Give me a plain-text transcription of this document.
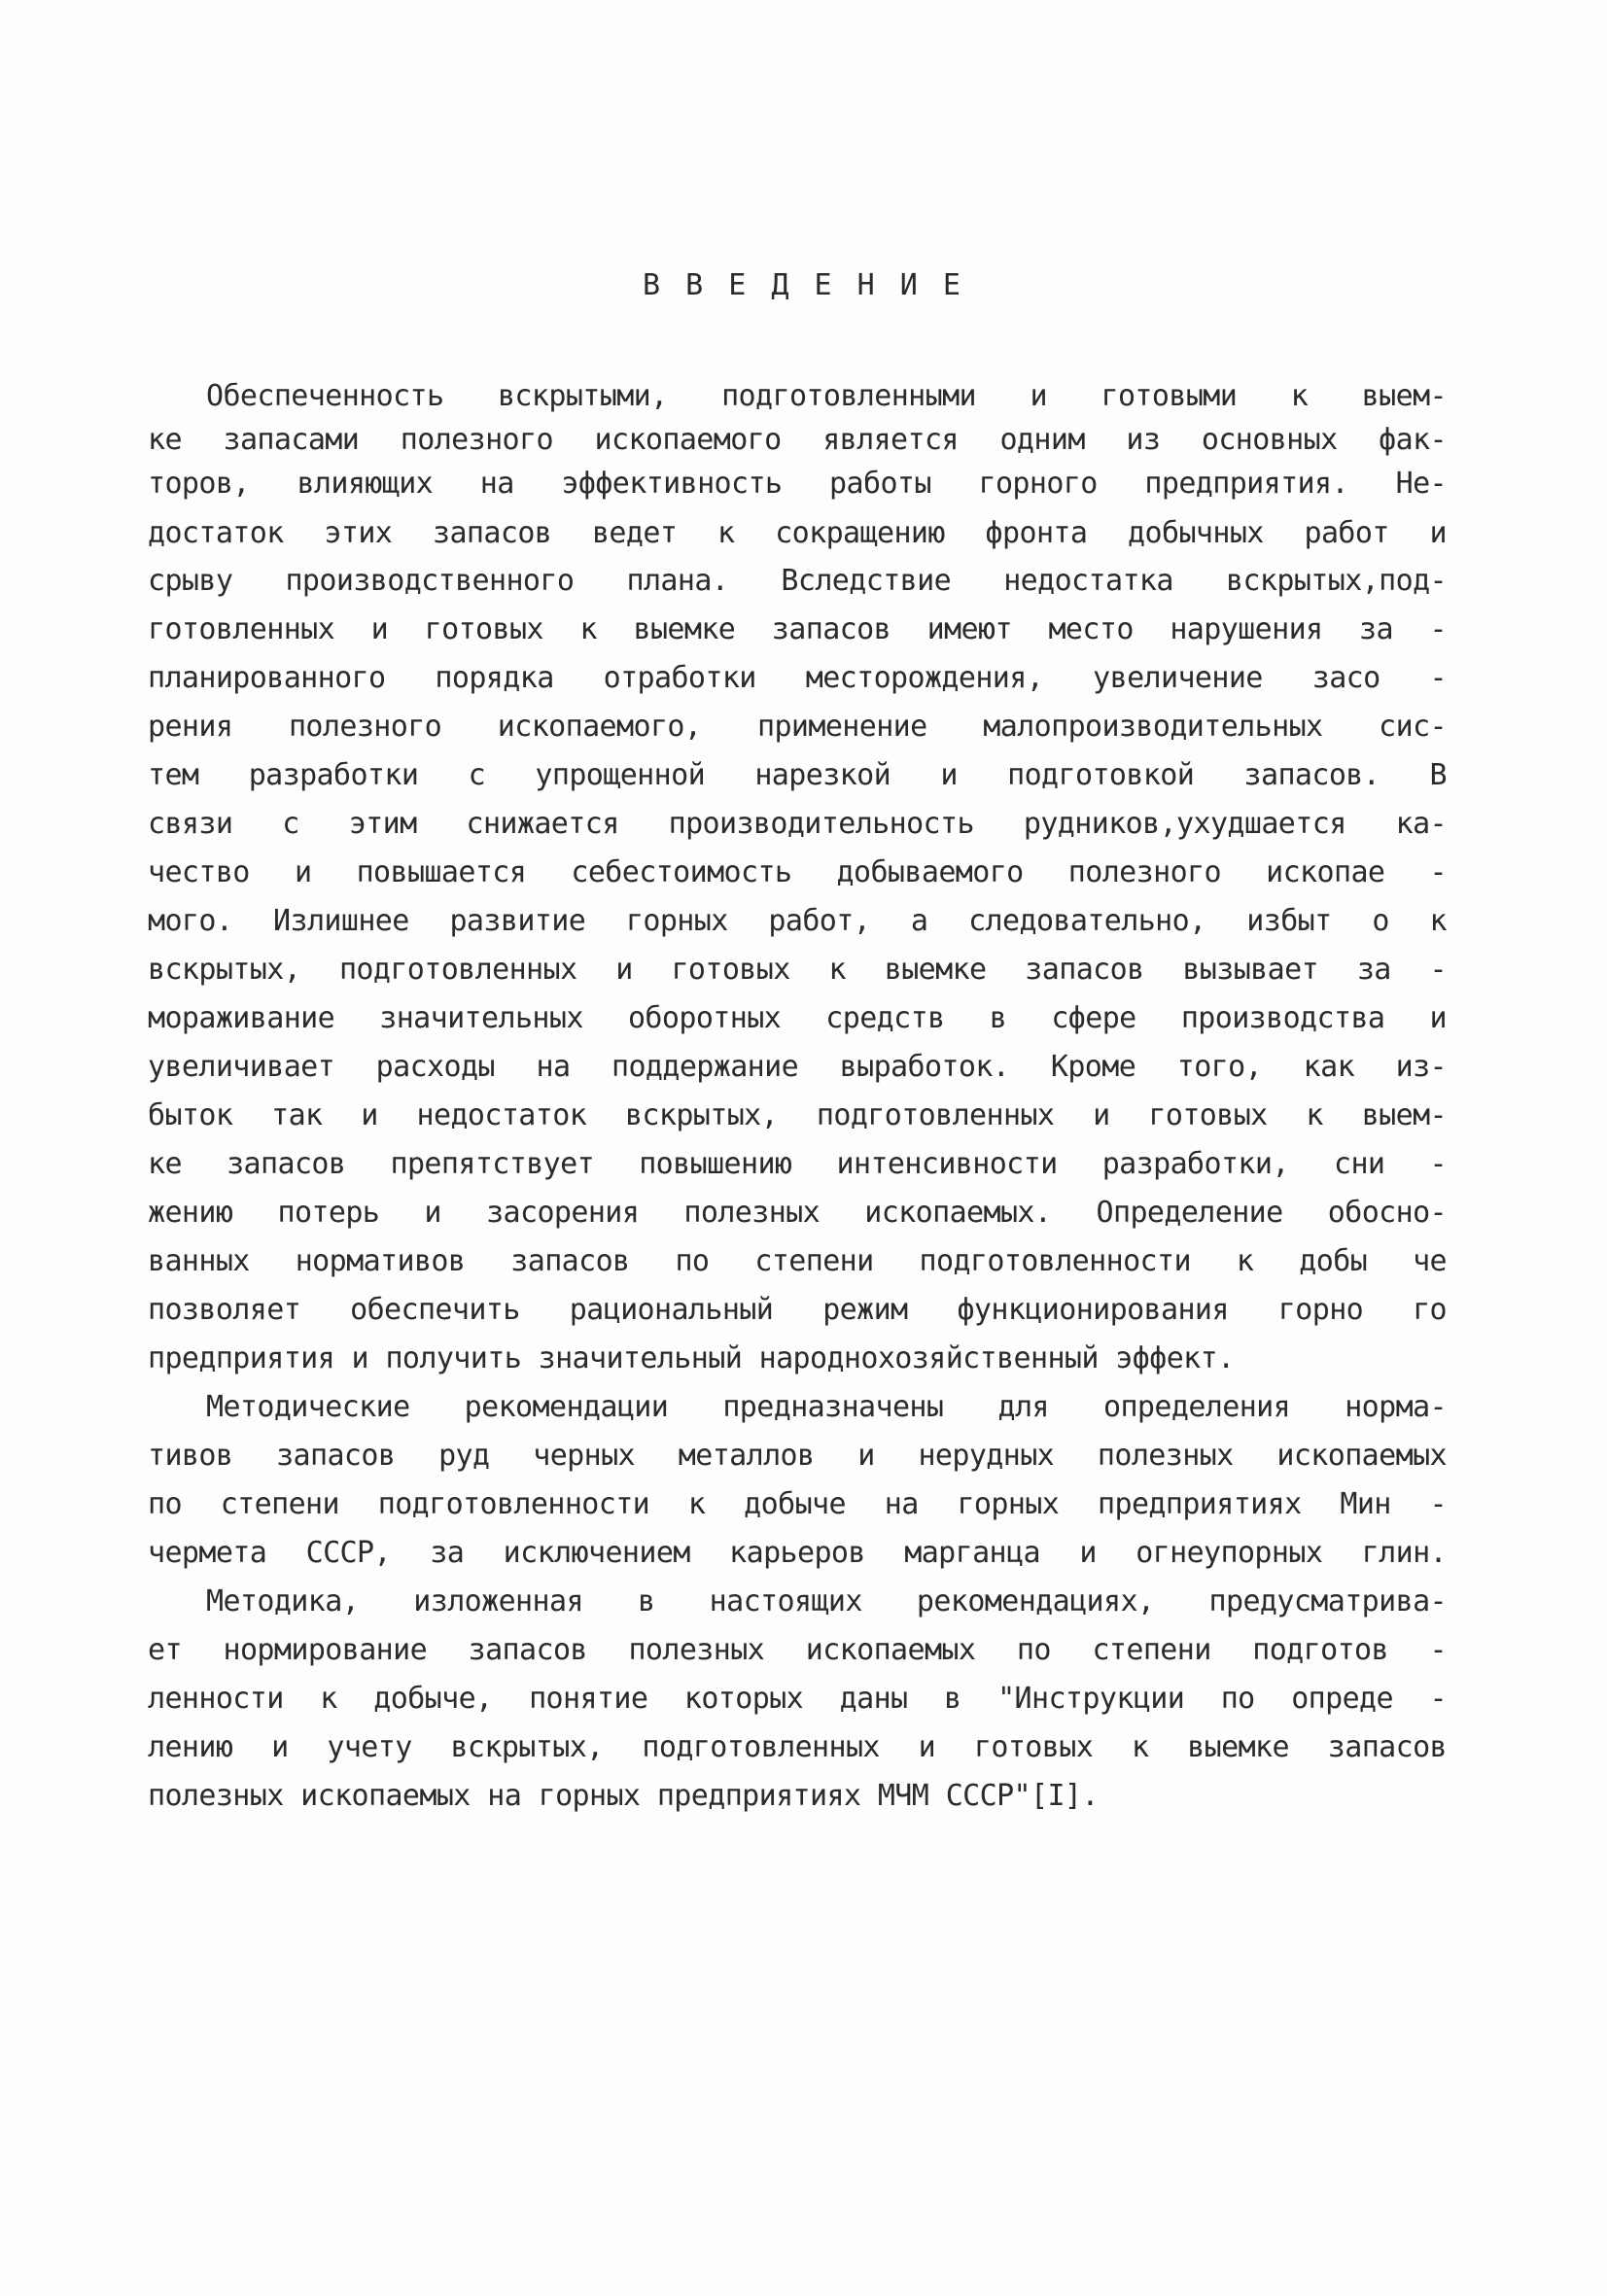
В В Е Д Е Н И Е
Обеспеченность вскрытыми, подготовленными и готовыми к выем-
ке запасами полезного ископаемого является одним из основных фак-
торов, влияющих на эффективность работы горного предприятия. Не-
достаток этих запасов ведет к сокращению фронта добычных работ и
срыву производственного плана. Вследствие недостатка вскрытых,под-
готовленных и готовых к выемке запасов имеют место нарушения за -
планированного порядка отработки месторождения, увеличение засо -
рения полезного ископаемого, применение малопроизводительных сис-
тем разработки с упрощенной нарезкой и подготовкой запасов. В
связи с этим снижается производительность рудников,ухудшается ка-
чество и повышается себестоимость добываемого полезного ископае -
мого. Излишнее развитие горных работ, а следовательно, избыт о к
вскрытых, подготовленных и готовых к выемке запасов вызывает за -
мораживание значительных оборотных средств в сфере производства и
увеличивает расходы на поддержание выработок. Кроме того, как из-
быток так и недостаток вскрытых, подготовленных и готовых к выем-
ке запасов препятствует повышению интенсивности разработки, сни -
жению потерь и засорения полезных ископаемых. Определение обосно-
ванных нормативов запасов по степени подготовленности к добы че
позволяет обеспечить рациональный режим функционирования горно го
предприятия и получить значительный народнохозяйственный эффект.
Методические рекомендации предназначены для определения норма-
тивов запасов руд черных металлов и нерудных полезных ископаемых
по степени подготовленности к добыче на горных предприятиях Мин -
чермета СССР, за исключением карьеров марганца и огнеупорных глин.
Методика, изложенная в настоящих рекомендациях, предусматрива-
ет нормирование запасов полезных ископаемых по степени подготов -
ленности к добыче, понятие которых даны в "Инструкции по опреде -
лению и учету вскрытых, подготовленных и готовых к выемке запасов
полезных ископаемых на горных предприятиях МЧМ СССР"[I].
